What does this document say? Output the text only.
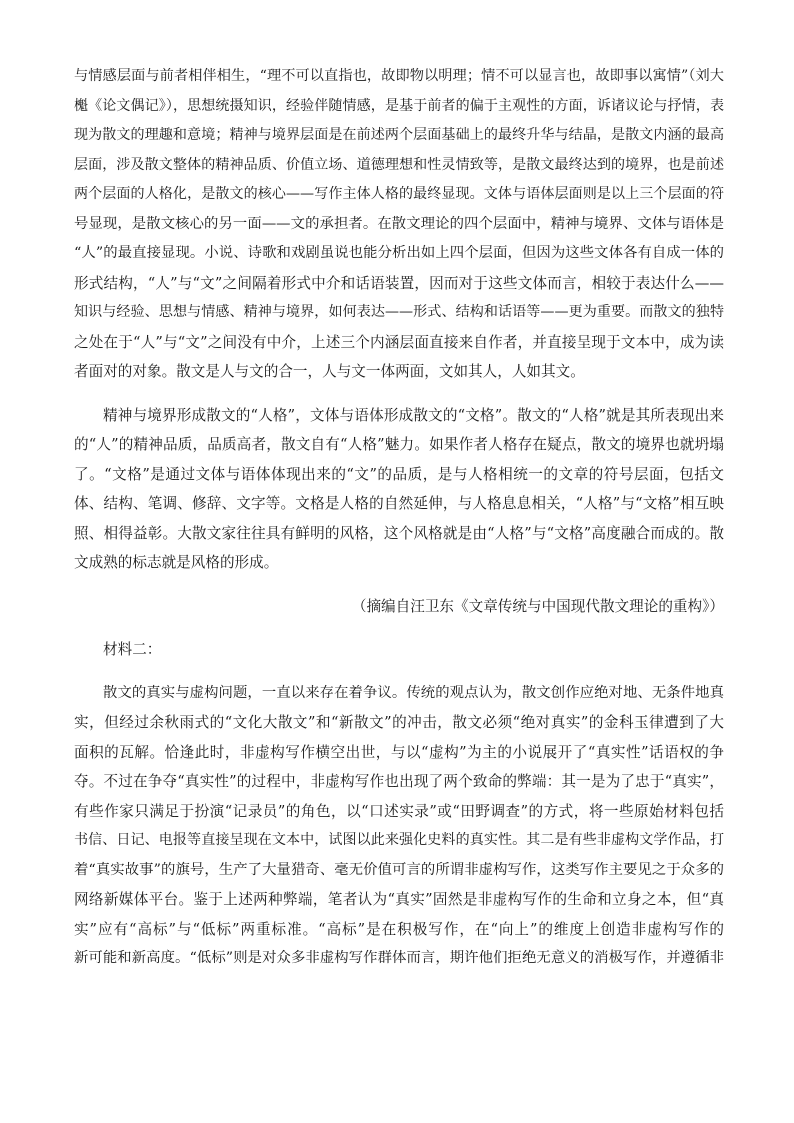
与情感层面与前者相伴相生，“理不可以直指也，故即物以明理；情不可以显言也，故即事以寓情”（刘大
櫆《论文偶记》），思想统摄知识，经验伴随情感，是基于前者的偏于主观性的方面，诉诸议论与抒情，表
现为散文的理趣和意境；精神与境界层面是在前述两个层面基础上的最终升华与结晶，是散文内涵的最高
层面，涉及散文整体的精神品质、价值立场、道德理想和性灵情致等，是散文最终达到的境界，也是前述
两个层面的人格化，是散文的核心——写作主体人格的最终显现。文体与语体层面则是以上三个层面的符
号显现，是散文核心的另一面——文的承担者。在散文理论的四个层面中，精神与境界、文体与语体是
“人”的最直接显现。小说、诗歌和戏剧虽说也能分析出如上四个层面，但因为这些文体各有自成一体的
形式结构，“人”与“文”之间隔着形式中介和话语装置，因而对于这些文体而言，相较于表达什么——
知识与经验、思想与情感、精神与境界，如何表达——形式、结构和话语等——更为重要。而散文的独特
之处在于“人”与“文”之间没有中介，上述三个内涵层面直接来自作者，并直接呈现于文本中，成为读
者面对的对象。散文是人与文的合一，人与文一体两面，文如其人，人如其文。
精神与境界形成散文的“人格”，文体与语体形成散文的“文格”。散文的“人格”就是其所表现出来
的“人”的精神品质，品质高者，散文自有“人格”魅力。如果作者人格存在疑点，散文的境界也就坍塌
了。“文格”是通过文体与语体体现出来的“文”的品质，是与人格相统一的文章的符号层面，包括文
体、结构、笔调、修辞、文字等。文格是人格的自然延伸，与人格息息相关，“人格”与“文格”相互映
照、相得益彰。大散文家往往具有鲜明的风格，这个风格就是由“人格”与“文格”高度融合而成的。散
文成熟的标志就是风格的形成。
（摘编自汪卫东《文章传统与中国现代散文理论的重构》）
材料二：
散文的真实与虚构问题，一直以来存在着争议。传统的观点认为，散文创作应绝对地、无条件地真
实，但经过余秋雨式的“文化大散文”和“新散文”的冲击，散文必须“绝对真实”的金科玉律遭到了大
面积的瓦解。恰逢此时，非虚构写作横空出世，与以“虚构”为主的小说展开了“真实性”话语权的争
夺。不过在争夺“真实性”的过程中，非虚构写作也出现了两个致命的弊端：其一是为了忠于“真实”，
有些作家只满足于扮演“记录员”的角色，以“口述实录”或“田野调查”的方式，将一些原始材料包括
书信、日记、电报等直接呈现在文本中，试图以此来强化史料的真实性。其二是有些非虚构文学作品，打
着“真实故事”的旗号，生产了大量猎奇、毫无价值可言的所谓非虚构写作，这类写作主要见之于众多的
网络新媒体平台。鉴于上述两种弊端，笔者认为“真实”固然是非虚构写作的生命和立身之本，但“真
实”应有“高标”与“低标”两重标准。“高标”是在积极写作，在“向上”的维度上创造非虚构写作的
新可能和新高度。“低标”则是对众多非虚构写作群体而言，期许他们拒绝无意义的消极写作，并遵循非
